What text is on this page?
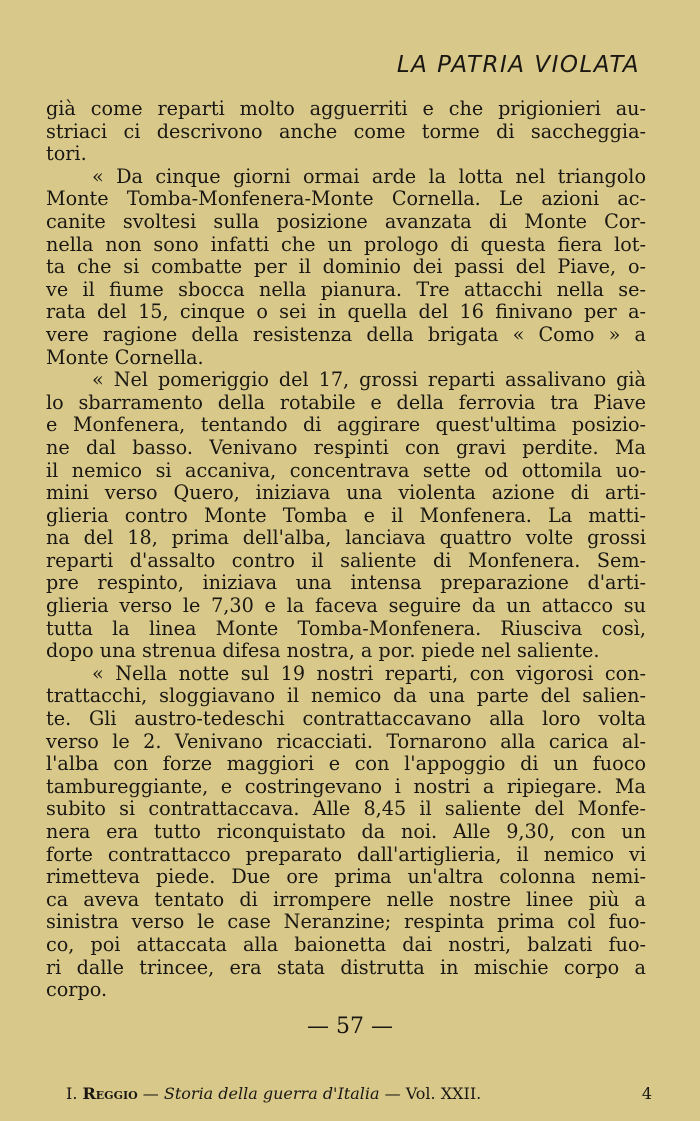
LA PATRIA VIOLATA
già come reparti molto agguerriti e che prigionieri au-
striaci ci descrivono anche come torme di saccheggia-
tori.
« Da cinque giorni ormai arde la lotta nel triangolo
Monte Tomba-Monfenera-Monte Cornella. Le azioni ac-
canite svoltesi sulla posizione avanzata di Monte Cor-
nella non sono infatti che un prologo di questa fiera lot-
ta che si combatte per il dominio dei passi del Piave, o-
ve il fiume sbocca nella pianura. Tre attacchi nella se-
rata del 15, cinque o sei in quella del 16 finivano per a-
vere ragione della resistenza della brigata « Como » a
Monte Cornella.
« Nel pomeriggio del 17, grossi reparti assalivano già
lo sbarramento della rotabile e della ferrovia tra Piave
e Monfenera, tentando di aggirare quest'ultima posizio-
ne dal basso. Venivano respinti con gravi perdite. Ma
il nemico si accaniva, concentrava sette od ottomila uo-
mini verso Quero, iniziava una violenta azione di arti-
glieria contro Monte Tomba e il Monfenera. La matti-
na del 18, prima dell'alba, lanciava quattro volte grossi
reparti d'assalto contro il saliente di Monfenera. Sem-
pre respinto, iniziava una intensa preparazione d'arti-
glieria verso le 7,30 e la faceva seguire da un attacco su
tutta la linea Monte Tomba-Monfenera. Riusciva così,
dopo una strenua difesa nostra, a por. piede nel saliente.
« Nella notte sul 19 nostri reparti, con vigorosi con-
trattacchi, sloggiavano il nemico da una parte del salien-
te. Gli austro-tedeschi contrattaccavano alla loro volta
verso le 2. Venivano ricacciati. Tornarono alla carica al-
l'alba con forze maggiori e con l'appoggio di un fuoco
tambureggiante, e costringevano i nostri a ripiegare. Ma
subito si contrattaccava. Alle 8,45 il saliente del Monfe-
nera era tutto riconquistato da noi. Alle 9,30, con un
forte contrattacco preparato dall'artiglieria, il nemico vi
rimetteva piede. Due ore prima un'altra colonna nemi-
ca aveva tentato di irrompere nelle nostre linee più a
sinistra verso le case Neranzine; respinta prima col fuo-
co, poi attaccata alla baionetta dai nostri, balzati fuo-
ri dalle trincee, era stata distrutta in mischie corpo a
corpo.
— 57 —
I. Reggio — Storia della guerra d'Italia — Vol. XXII.	4
